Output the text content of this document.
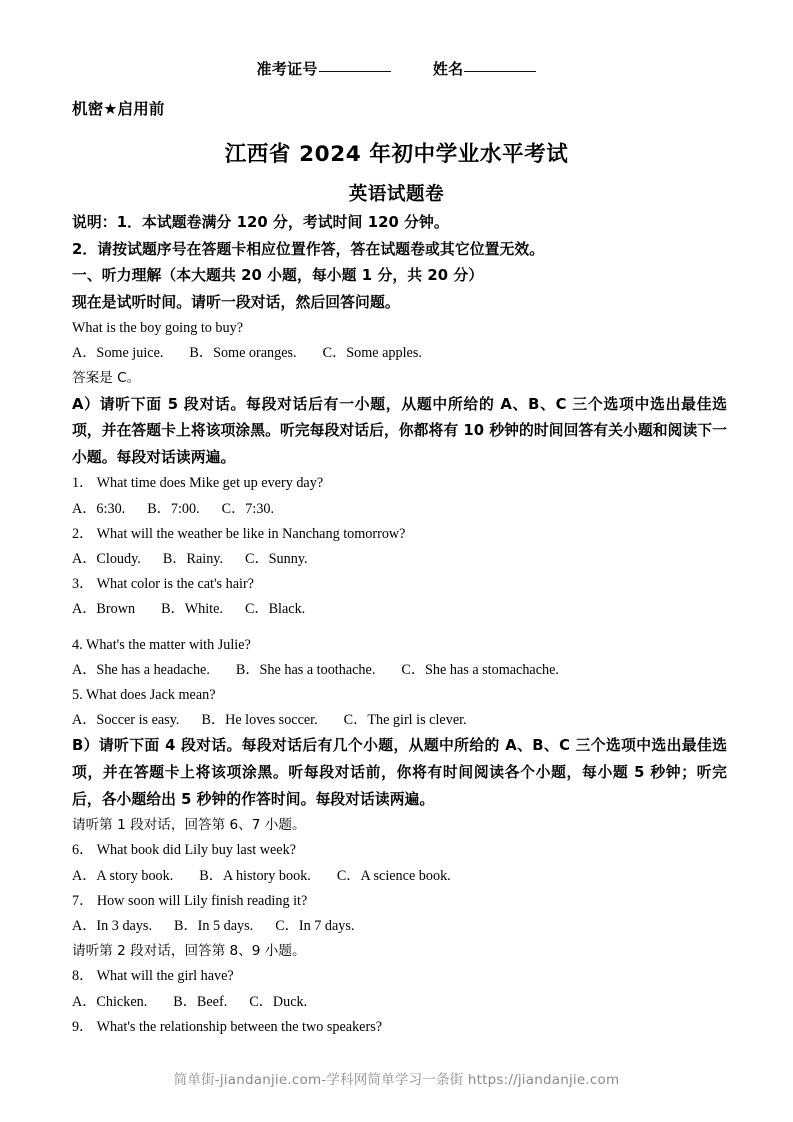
准考证号	姓名
机密★启用前
江西省 2024 年初中学业水平考试
英语试题卷
说明：1．本试题卷满分 120 分，考试时间 120 分钟。
2．请按试题序号在答题卡相应位置作答，答在试题卷或其它位置无效。
一、听力理解（本大题共 20 小题，每小题 1 分，共 20 分）
现在是试听时间。请听一段对话，然后回答问题。
What is the boy going to buy?
A．Some juice. B．Some oranges. C．Some apples.
答案是 C。
A）请听下面 5 段对话。每段对话后有一小题，从题中所给的 A、B、C 三个选项中选出最佳选项，并在答题卡上将该项涂黑。听完每段对话后，你都将有 10 秒钟的时间回答有关小题和阅读下一小题。每段对话读两遍。
1． What time does Mike get up every day?
A．6:30. B．7:00. C．7:30.
2． What will the weather be like in Nanchang tomorrow?
A．Cloudy. B．Rainy. C．Sunny.
3． What color is the cat's hair?
A．Brown B．White. C．Black.
4. What's the matter with Julie?
A．She has a headache. B．She has a toothache. C．She has a stomachache.
5. What does Jack mean?
A．Soccer is easy. B．He loves soccer. C．The girl is clever.
B）请听下面 4 段对话。每段对话后有几个小题，从题中所给的 A、B、C 三个选项中选出最佳选项，并在答题卡上将该项涂黑。听每段对话前，你将有时间阅读各个小题，每小题 5 秒钟；听完后，各小题给出 5 秒钟的作答时间。每段对话读两遍。
请听第 1 段对话，回答第 6、7 小题。
6． What book did Lily buy last week?
A．A story book. B．A history book. C．A science book.
7． How soon will Lily finish reading it?
A．In 3 days. B．In 5 days. C．In 7 days.
请听第 2 段对话，回答第 8、9 小题。
8． What will the girl have?
A．Chicken. B．Beef. C．Duck.
9． What's the relationship between the two speakers?
简单街-jiandanjie.com-学科网简单学习一条街 https://jiandanjie.com
